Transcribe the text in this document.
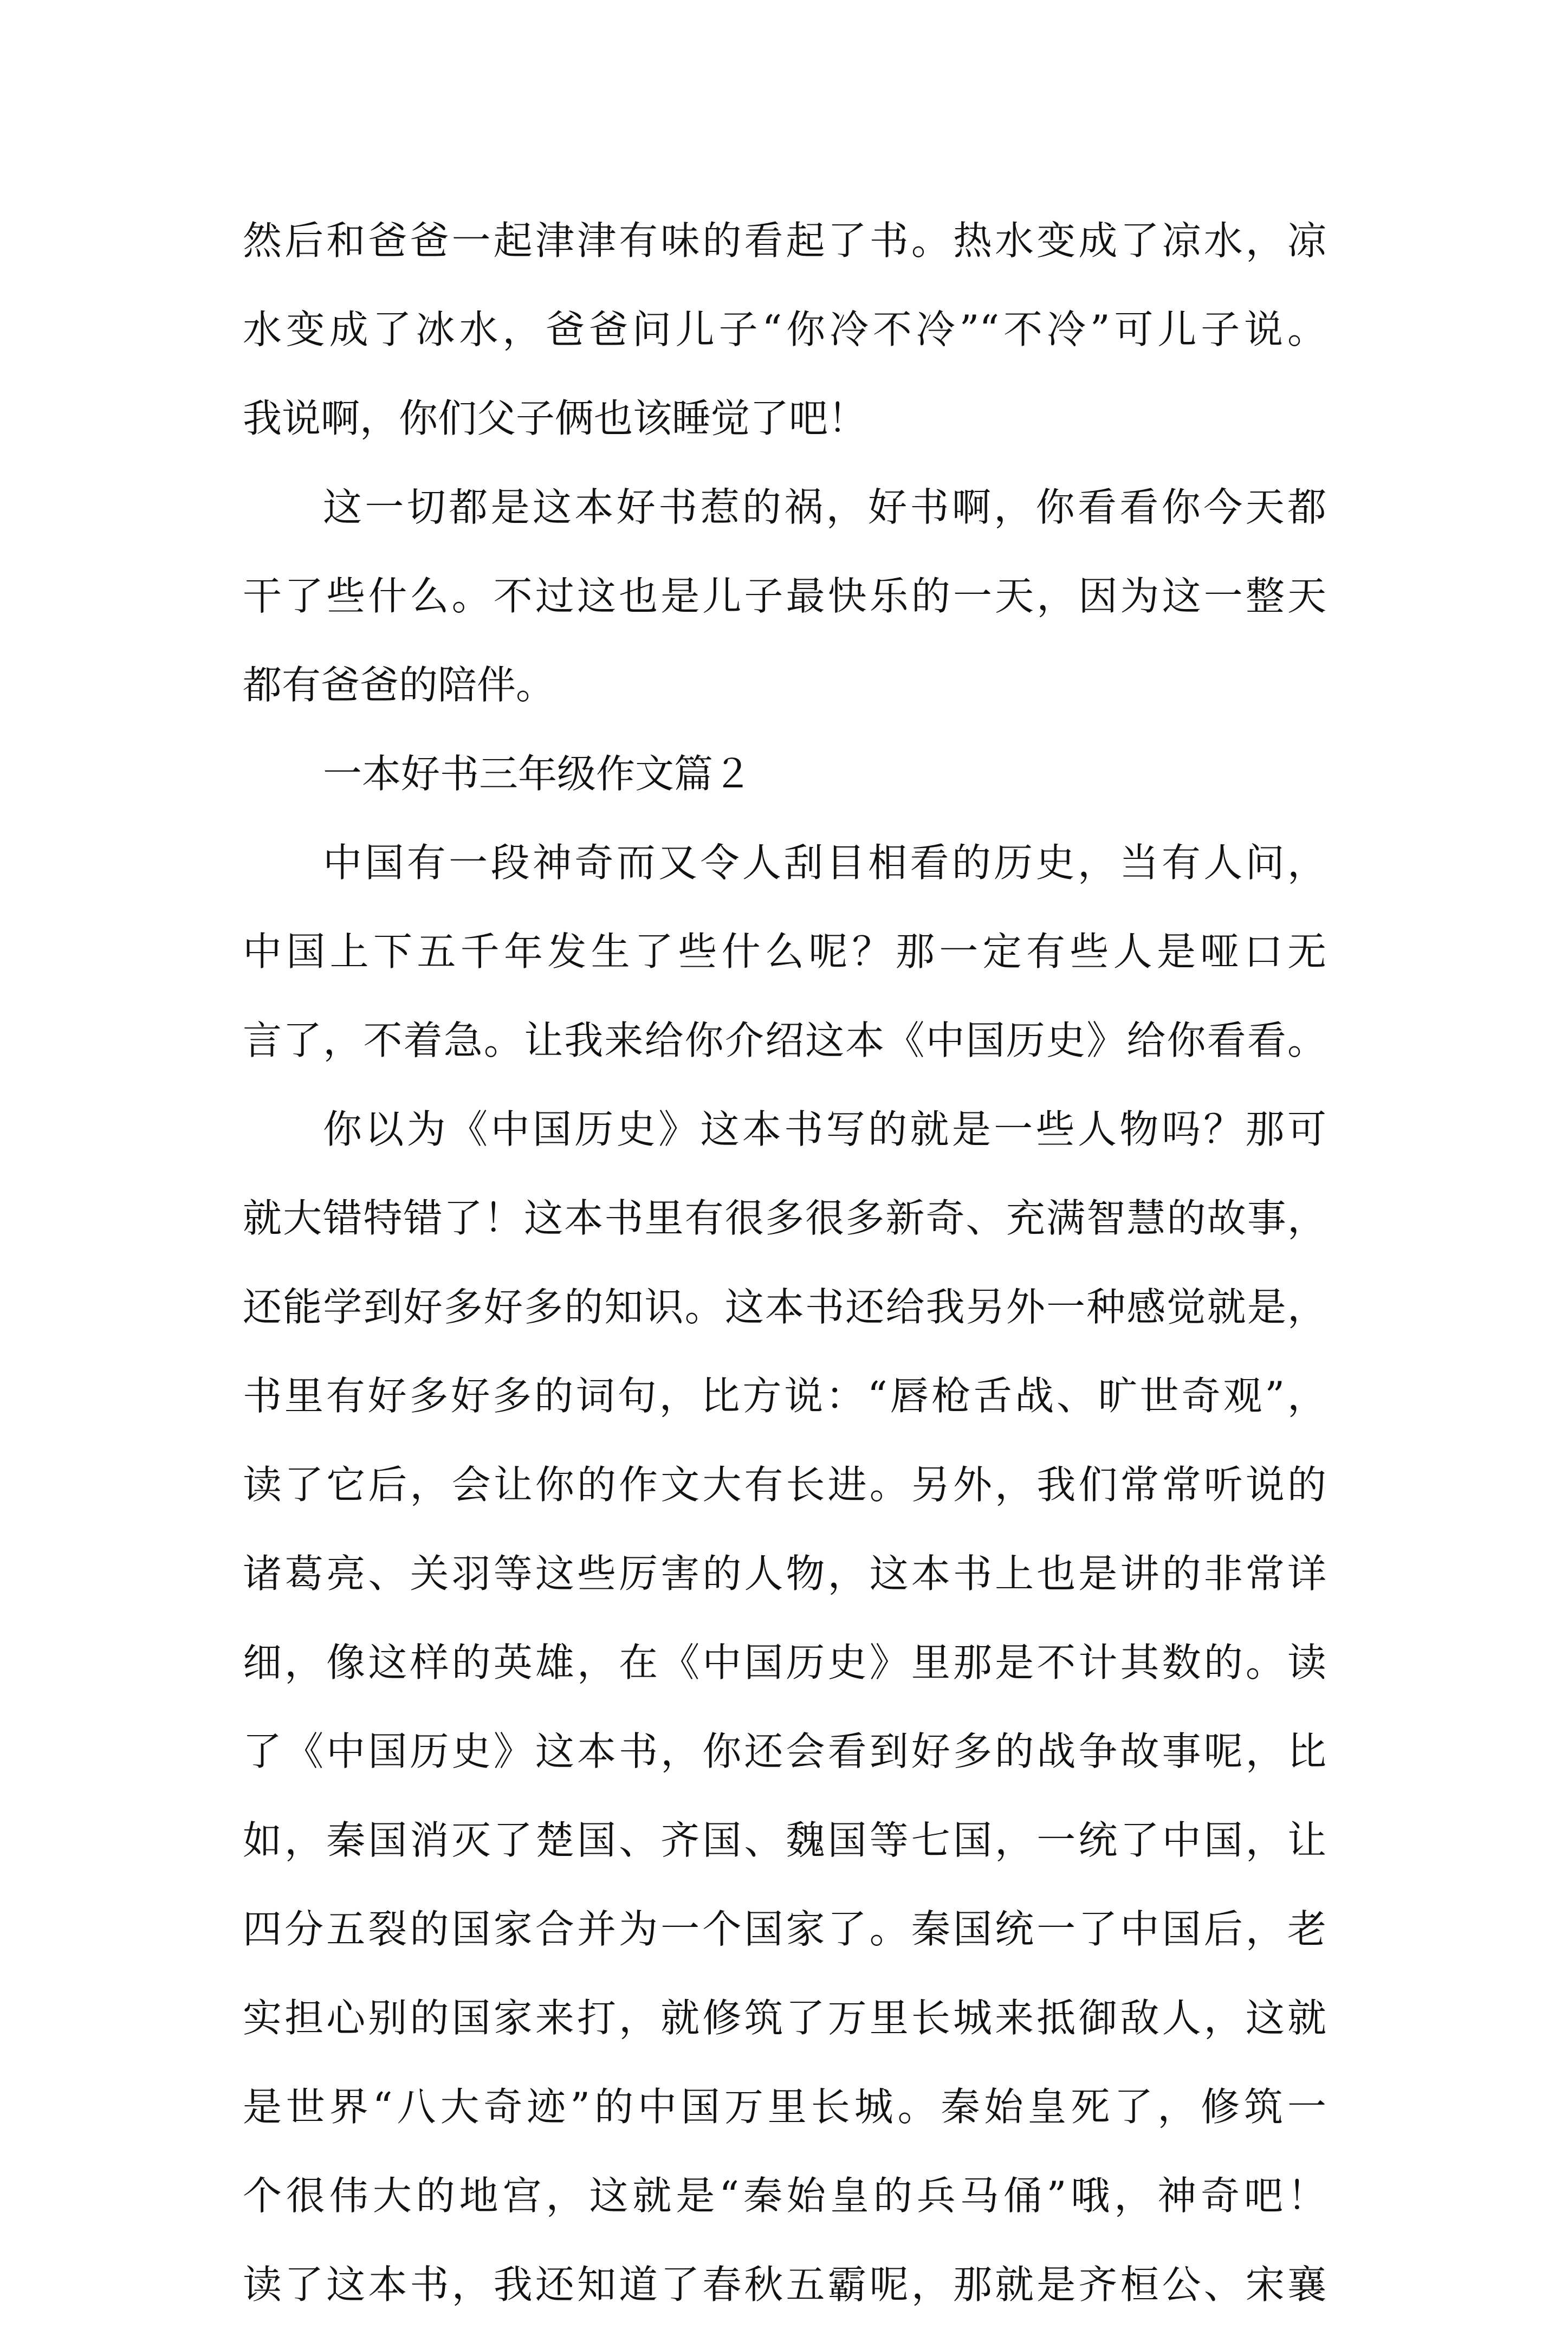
然后和爸爸一起津津有味的看起了书。热水变成了凉水，凉
水变成了冰水，爸爸问儿子“你冷不冷”“不冷”可儿子说。
我说啊，你们父子俩也该睡觉了吧！
这一切都是这本好书惹的祸，好书啊，你看看你今天都
干了些什么。不过这也是儿子最快乐的一天，因为这一整天
都有爸爸的陪伴。
一本好书三年级作文篇２
中国有一段神奇而又令人刮目相看的历史，当有人问，
中国上下五千年发生了些什么呢？那一定有些人是哑口无
言了，不着急。让我来给你介绍这本《中国历史》给你看看。
你以为《中国历史》这本书写的就是一些人物吗？那可
就大错特错了！这本书里有很多很多新奇、充满智慧的故事，
还能学到好多好多的知识。这本书还给我另外一种感觉就是，
书里有好多好多的词句，比方说：“唇枪舌战、旷世奇观”，
读了它后，会让你的作文大有长进。另外，我们常常听说的
诸葛亮、关羽等这些厉害的人物，这本书上也是讲的非常详
细，像这样的英雄，在《中国历史》里那是不计其数的。读
了《中国历史》这本书，你还会看到好多的战争故事呢，比
如，秦国消灭了楚国、齐国、魏国等七国，一统了中国，让
四分五裂的国家合并为一个国家了。秦国统一了中国后，老
实担心别的国家来打，就修筑了万里长城来抵御敌人，这就
是世界“八大奇迹”的中国万里长城。秦始皇死了，修筑一
个很伟大的地宫，这就是“秦始皇的兵马俑”哦，神奇吧！
读了这本书，我还知道了春秋五霸呢，那就是齐桓公、宋襄
